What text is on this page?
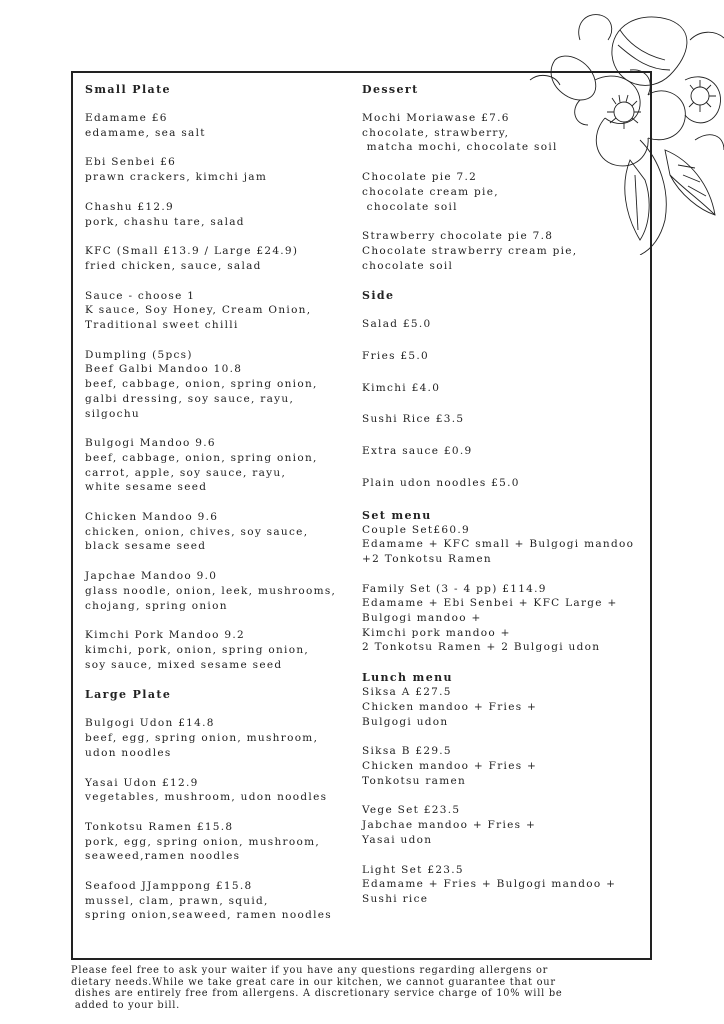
Small Plate
Edamame £6
edamame, sea salt
Ebi Senbei £6
prawn crackers, kimchi jam
Chashu £12.9
pork, chashu tare, salad
KFC (Small £13.9 / Large £24.9)
fried chicken, sauce, salad
Sauce - choose 1
K sauce, Soy Honey, Cream Onion,
Traditional sweet chilli
Dumpling (5pcs)
Beef Galbi Mandoo 10.8
beef, cabbage, onion, spring onion,
galbi dressing, soy sauce, rayu,
silgochu
Bulgogi Mandoo 9.6
beef, cabbage, onion, spring onion,
carrot, apple, soy sauce, rayu,
white sesame seed
Chicken Mandoo 9.6
chicken, onion, chives, soy sauce,
black sesame seed
Japchae Mandoo 9.0
glass noodle, onion, leek, mushrooms,
chojang, spring onion
Kimchi Pork Mandoo 9.2
kimchi, pork, onion, spring onion,
soy sauce, mixed sesame seed
Large Plate
Bulgogi Udon £14.8
beef, egg, spring onion, mushroom,
udon noodles
Yasai Udon £12.9
vegetables, mushroom, udon noodles
Tonkotsu Ramen £15.8
pork, egg, spring onion, mushroom,
seaweed,ramen noodles
Seafood JJamppong £15.8
mussel, clam, prawn, squid,
spring onion,seaweed, ramen noodles
Dessert
Mochi Moriawase £7.6
chocolate, strawberry,
matcha mochi, chocolate soil
Chocolate pie 7.2
chocolate cream pie,
chocolate soil
Strawberry chocolate pie 7.8
Chocolate strawberry cream pie,
chocolate soil
Side
Salad £5.0
Fries £5.0
Kimchi £4.0
Sushi Rice £3.5
Extra sauce £0.9
Plain udon noodles £5.0
Set menu
Couple Set£60.9
Edamame + KFC small + Bulgogi mandoo
+2 Tonkotsu Ramen
Family Set (3 - 4 pp) £114.9
Edamame + Ebi Senbei + KFC Large +
Bulgogi mandoo +
Kimchi pork mandoo +
2 Tonkotsu Ramen + 2 Bulgogi udon
Lunch menu
Siksa A £27.5
Chicken mandoo + Fries +
Bulgogi udon
Siksa B £29.5
Chicken mandoo + Fries +
Tonkotsu ramen
Vege Set £23.5
Jabchae mandoo + Fries +
Yasai udon
Light Set £23.5
Edamame + Fries + Bulgogi mandoo +
Sushi rice
Please feel free to ask your waiter if you have any questions regarding allergens or
dietary needs.While we take great care in our kitchen, we cannot guarantee that our
dishes are entirely free from allergens. A discretionary service charge of 10% will be
added to your bill.
